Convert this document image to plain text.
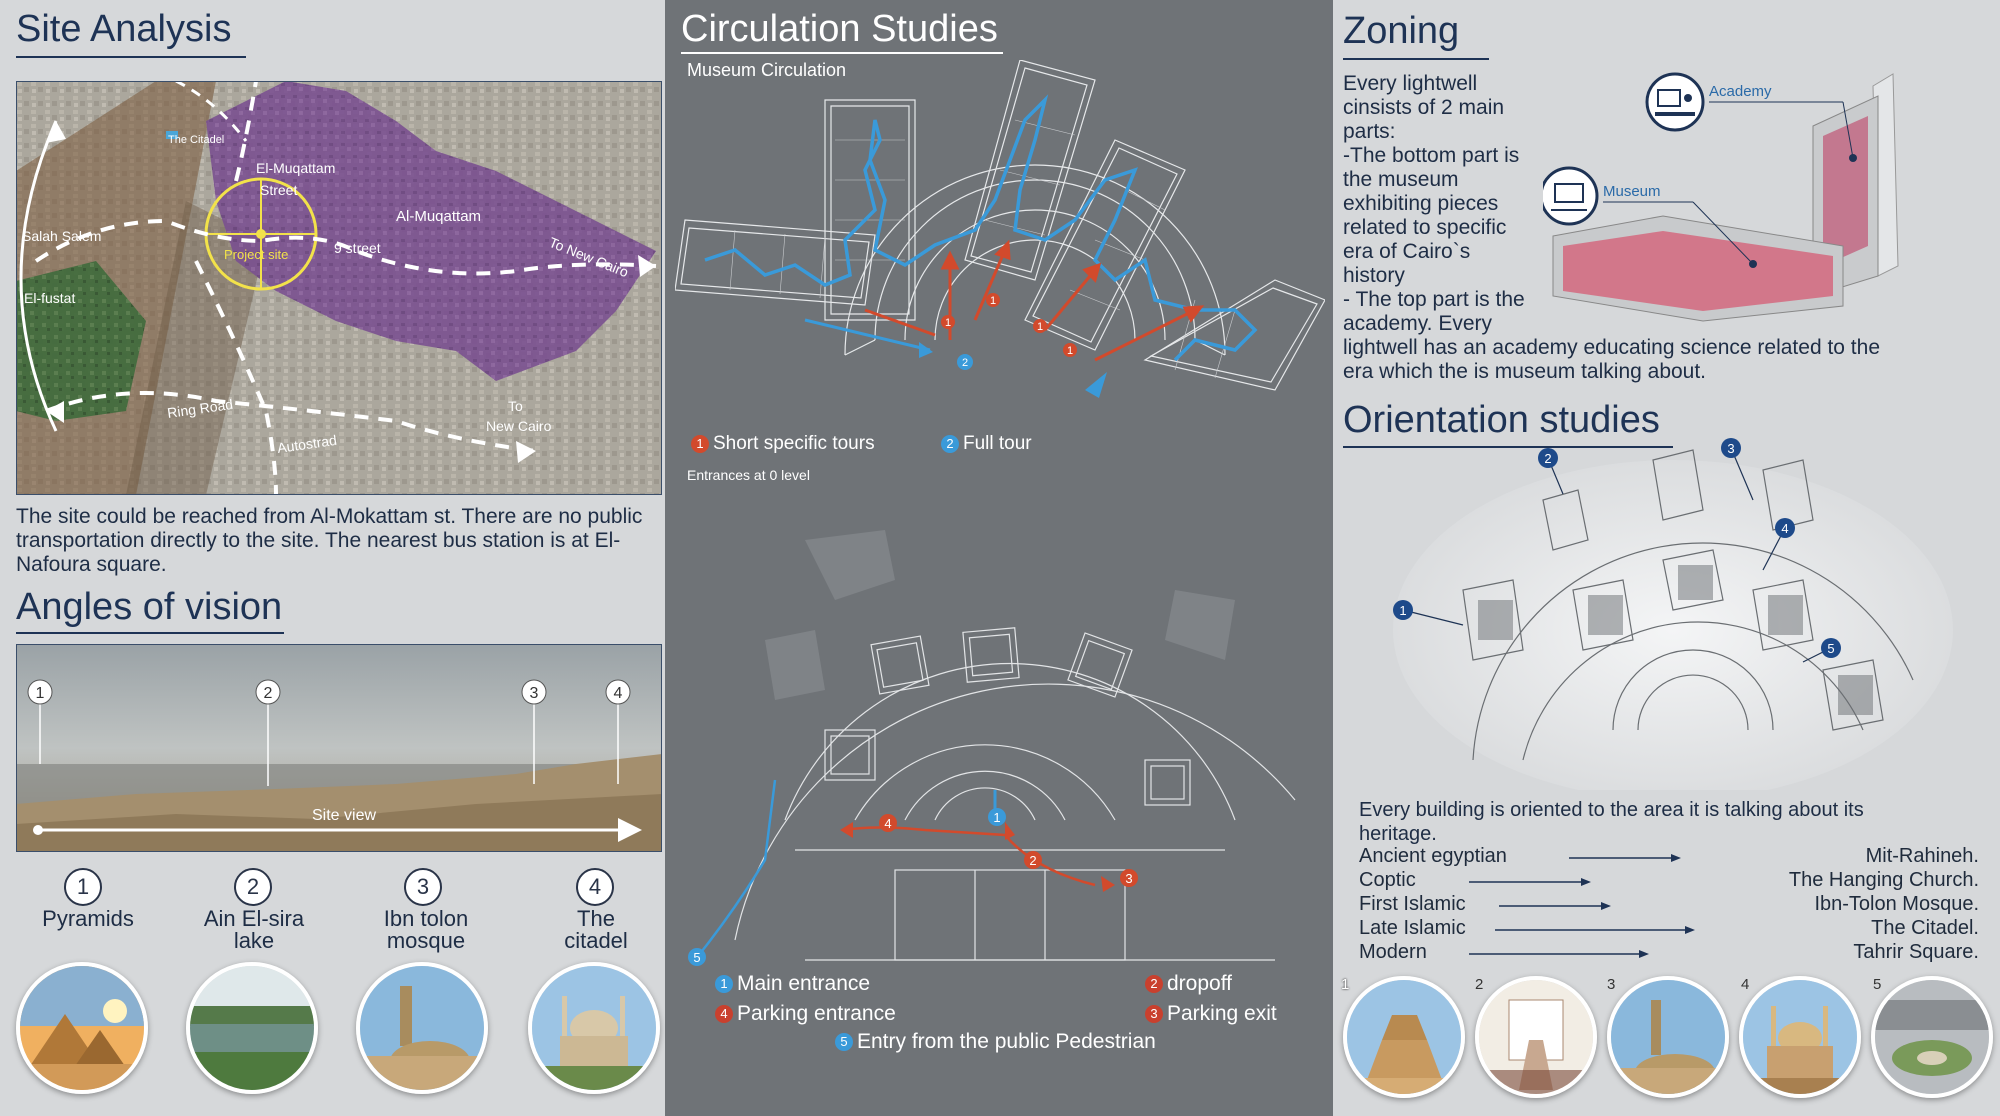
Site Analysis
The Citadel
El-Muqattam
Street
Al-Muqattam
Project site	9 street	To New Cairo
Salah Salem
El-fustat
Ring Road	To
New Cairo
Autostrad
The site could be reached from Al-Mokattam st. There are no public transportation directly to the site. The nearest bus station is at El-Nafoura square.
Angles of vision
1	2	3	4
Site view
1
Pyramids
2
Ain El-sira
lake
3
Ibn tolon
mosque
4
The
citadel
Circulation Studies
Museum Circulation
1
1
1
1
2
1 Short specific tours	2 Full tour
Entrances at 0 level
1
2
3
4
5
1 Main entrance	2 dropoff
4 Parking entrance	3 Parking exit
5 Entry from the public Pedestrian
Zoning
Every lightwell
cinsists of 2 main
parts:
-The bottom part is
the museum
exhibiting pieces
related to specific
era of Cairo`s
history
- The top part is the
academy. Every
lightwell has an academy educating science related to the
era which the is museum talking about.
Academy
Museum
Orientation studies
1
2
3
4
5
Every building is oriented to the area it is talking about its
heritage.
Ancient egyptian	Mit-Rahineh.
Coptic	The Hanging Church.
First Islamic	Ibn-Tolon Mosque.
Late Islamic	The Citadel.
Modern	Tahrir Square.
1	2	3	4	5
